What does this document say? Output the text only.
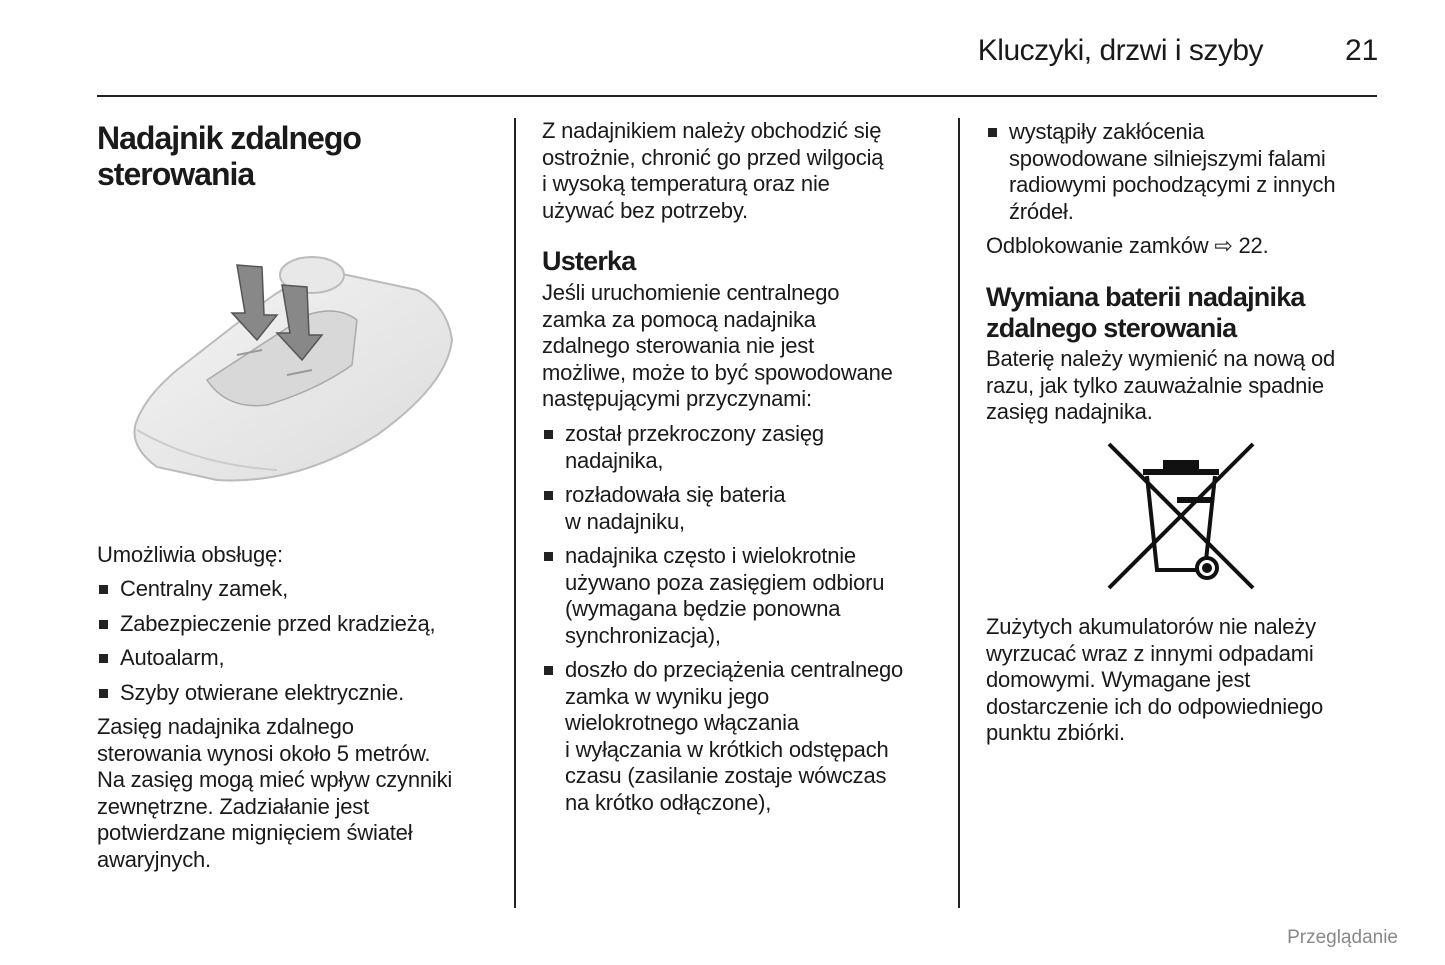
Kluczyki, drzwi i szyby	21
Nadajnik zdalnego
sterowania
Umożliwia obsługę:
Centralny zamek,
Zabezpieczenie przed kradzieżą,
Autoalarm,
Szyby otwierane elektrycznie.
Zasięg nadajnika zdalnego
sterowania wynosi około 5 metrów.
Na zasięg mogą mieć wpływ czynniki
zewnętrzne. Zadziałanie jest
potwierdzane mignięciem świateł
awaryjnych.
Z nadajnikiem należy obchodzić się
ostrożnie, chronić go przed wilgocią
i wysoką temperaturą oraz nie
używać bez potrzeby.
Usterka
Jeśli uruchomienie centralnego
zamka za pomocą nadajnika
zdalnego sterowania nie jest
możliwe, może to być spowodowane
następującymi przyczynami:
został przekroczony zasięg
nadajnika,
rozładowała się bateria
w nadajniku,
nadajnika często i wielokrotnie
używano poza zasięgiem odbioru
(wymagana będzie ponowna
synchronizacja),
doszło do przeciążenia centralnego
zamka w wyniku jego
wielokrotnego włączania
i wyłączania w krótkich odstępach
czasu (zasilanie zostaje wówczas
na krótko odłączone),
wystąpiły zakłócenia
spowodowane silniejszymi falami
radiowymi pochodzącymi z innych
źródeł.
Odblokowanie zamków ⇨ 22.
Wymiana baterii nadajnika
zdalnego sterowania
Baterię należy wymienić na nową od
razu, jak tylko zauważalnie spadnie
zasięg nadajnika.
Zużytych akumulatorów nie należy
wyrzucać wraz z innymi odpadami
domowymi. Wymagane jest
dostarczenie ich do odpowiedniego
punktu zbiórki.
Przeglądanie
